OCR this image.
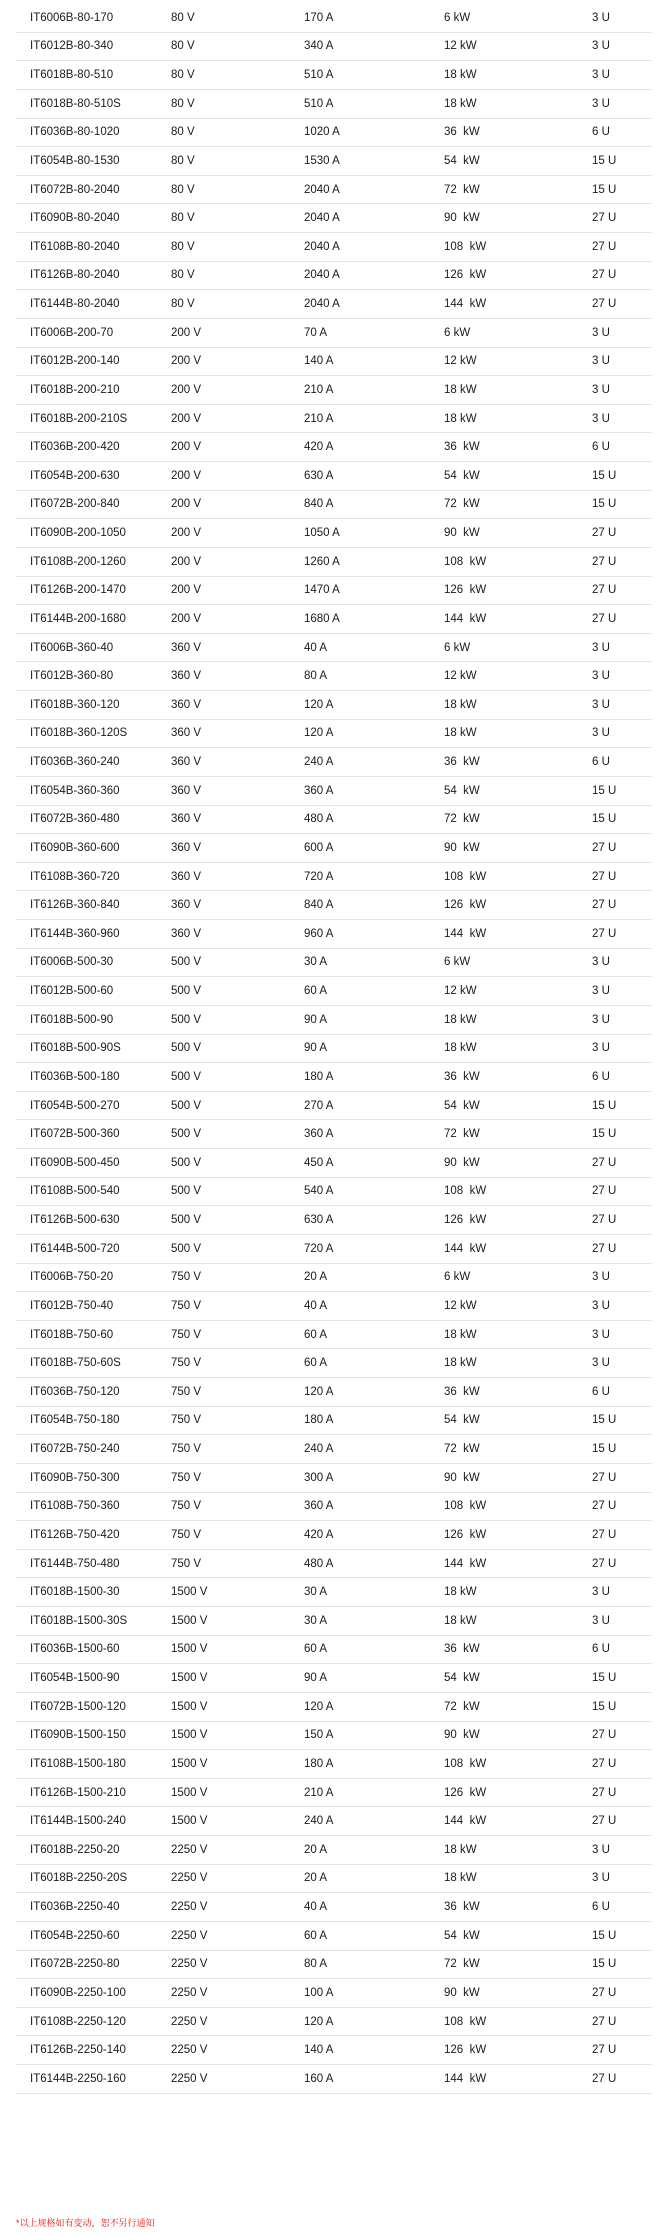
IT6006B-80-170	80 V	170 A	6 kW	3 U
IT6012B-80-340	80 V	340 A	12 kW	3 U
IT6018B-80-510	80 V	510 A	18 kW	3 U
IT6018B-80-510S	80 V	510 A	18 kW	3 U
IT6036B-80-1020	80 V	1020 A	36  kW	6 U
IT6054B-80-1530	80 V	1530 A	54  kW	15 U
IT6072B-80-2040	80 V	2040 A	72  kW	15 U
IT6090B-80-2040	80 V	2040 A	90  kW	27 U
IT6108B-80-2040	80 V	2040 A	108  kW	27 U
IT6126B-80-2040	80 V	2040 A	126  kW	27 U
IT6144B-80-2040	80 V	2040 A	144  kW	27 U
IT6006B-200-70	200 V	70 A	6 kW	3 U
IT6012B-200-140	200 V	140 A	12 kW	3 U
IT6018B-200-210	200 V	210 A	18 kW	3 U
IT6018B-200-210S	200 V	210 A	18 kW	3 U
IT6036B-200-420	200 V	420 A	36  kW	6 U
IT6054B-200-630	200 V	630 A	54  kW	15 U
IT6072B-200-840	200 V	840 A	72  kW	15 U
IT6090B-200-1050	200 V	1050 A	90  kW	27 U
IT6108B-200-1260	200 V	1260 A	108  kW	27 U
IT6126B-200-1470	200 V	1470 A	126  kW	27 U
IT6144B-200-1680	200 V	1680 A	144  kW	27 U
IT6006B-360-40	360 V	40 A	6 kW	3 U
IT6012B-360-80	360 V	80 A	12 kW	3 U
IT6018B-360-120	360 V	120 A	18 kW	3 U
IT6018B-360-120S	360 V	120 A	18 kW	3 U
IT6036B-360-240	360 V	240 A	36  kW	6 U
IT6054B-360-360	360 V	360 A	54  kW	15 U
IT6072B-360-480	360 V	480 A	72  kW	15 U
IT6090B-360-600	360 V	600 A	90  kW	27 U
IT6108B-360-720	360 V	720 A	108  kW	27 U
IT6126B-360-840	360 V	840 A	126  kW	27 U
IT6144B-360-960	360 V	960 A	144  kW	27 U
IT6006B-500-30	500 V	30 A	6 kW	3 U
IT6012B-500-60	500 V	60 A	12 kW	3 U
IT6018B-500-90	500 V	90 A	18 kW	3 U
IT6018B-500-90S	500 V	90 A	18 kW	3 U
IT6036B-500-180	500 V	180 A	36  kW	6 U
IT6054B-500-270	500 V	270 A	54  kW	15 U
IT6072B-500-360	500 V	360 A	72  kW	15 U
IT6090B-500-450	500 V	450 A	90  kW	27 U
IT6108B-500-540	500 V	540 A	108  kW	27 U
IT6126B-500-630	500 V	630 A	126  kW	27 U
IT6144B-500-720	500 V	720 A	144  kW	27 U
IT6006B-750-20	750 V	20 A	6 kW	3 U
IT6012B-750-40	750 V	40 A	12 kW	3 U
IT6018B-750-60	750 V	60 A	18 kW	3 U
IT6018B-750-60S	750 V	60 A	18 kW	3 U
IT6036B-750-120	750 V	120 A	36  kW	6 U
IT6054B-750-180	750 V	180 A	54  kW	15 U
IT6072B-750-240	750 V	240 A	72  kW	15 U
IT6090B-750-300	750 V	300 A	90  kW	27 U
IT6108B-750-360	750 V	360 A	108  kW	27 U
IT6126B-750-420	750 V	420 A	126  kW	27 U
IT6144B-750-480	750 V	480 A	144  kW	27 U
IT6018B-1500-30	1500 V	30 A	18 kW	3 U
IT6018B-1500-30S	1500 V	30 A	18 kW	3 U
IT6036B-1500-60	1500 V	60 A	36  kW	6 U
IT6054B-1500-90	1500 V	90 A	54  kW	15 U
IT6072B-1500-120	1500 V	120 A	72  kW	15 U
IT6090B-1500-150	1500 V	150 A	90  kW	27 U
IT6108B-1500-180	1500 V	180 A	108  kW	27 U
IT6126B-1500-210	1500 V	210 A	126  kW	27 U
IT6144B-1500-240	1500 V	240 A	144  kW	27 U
IT6018B-2250-20	2250 V	20 A	18 kW	3 U
IT6018B-2250-20S	2250 V	20 A	18 kW	3 U
IT6036B-2250-40	2250 V	40 A	36  kW	6 U
IT6054B-2250-60	2250 V	60 A	54  kW	15 U
IT6072B-2250-80	2250 V	80 A	72  kW	15 U
IT6090B-2250-100	2250 V	100 A	90  kW	27 U
IT6108B-2250-120	2250 V	120 A	108  kW	27 U
IT6126B-2250-140	2250 V	140 A	126  kW	27 U
IT6144B-2250-160	2250 V	160 A	144  kW	27 U
*以上规格如有变动，恕不另行通知
